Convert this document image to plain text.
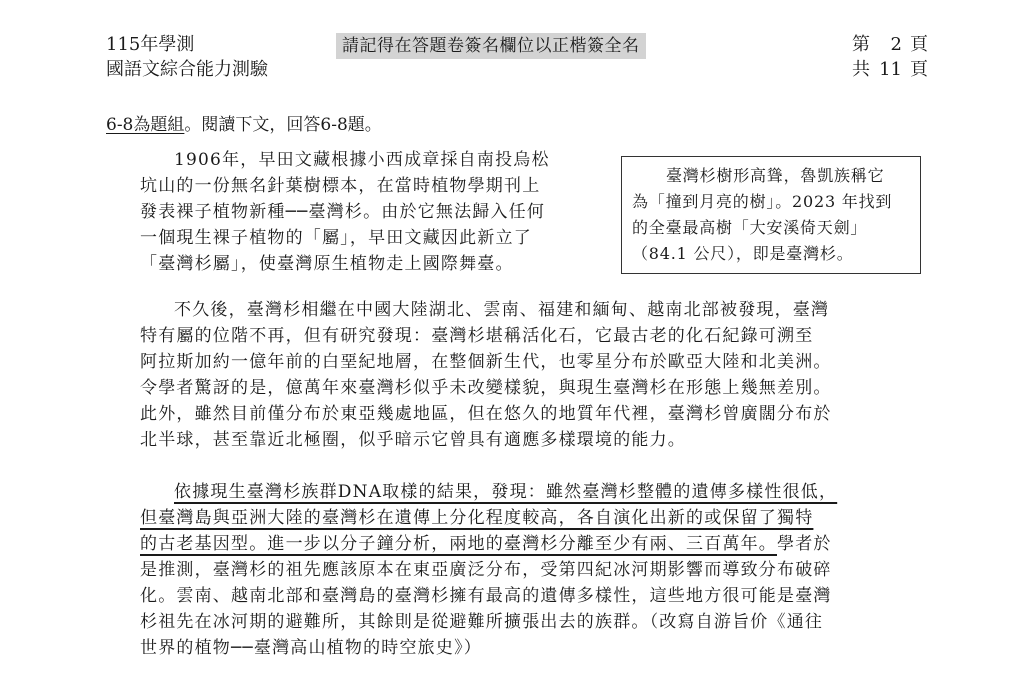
115年學測
國語文綜合能力測驗
請記得在答題卷簽名欄位以正楷簽全名	第 2 頁
共 11 頁
6-8為題組。閱讀下文，回答6-8題。
臺灣杉樹形高聳，魯凱族稱它
為「撞到月亮的樹」。2023 年找到
的全臺最高樹「大安溪倚天劍」
（84.1 公尺），即是臺灣杉。
1906年，早田文藏根據小西成章採自南投烏松
坑山的一份無名針葉樹標本，在當時植物學期刊上
發表裸子植物新種──臺灣杉。由於它無法歸入任何
一個現生裸子植物的「屬」，早田文藏因此新立了
「臺灣杉屬」，使臺灣原生植物走上國際舞臺。
不久後，臺灣杉相繼在中國大陸湖北、雲南、福建和緬甸、越南北部被發現，臺灣
特有屬的位階不再，但有研究發現：臺灣杉堪稱活化石，它最古老的化石紀錄可溯至
阿拉斯加約一億年前的白堊紀地層，在整個新生代，也零星分布於歐亞大陸和北美洲。
令學者驚訝的是，億萬年來臺灣杉似乎未改變樣貌，與現生臺灣杉在形態上幾無差別。
此外，雖然目前僅分布於東亞幾處地區，但在悠久的地質年代裡，臺灣杉曾廣闊分布於
北半球，甚至靠近北極圈，似乎暗示它曾具有適應多樣環境的能力。
依據現生臺灣杉族群DNA取樣的結果，發現：雖然臺灣杉整體的遺傳多樣性很低，
但臺灣島與亞洲大陸的臺灣杉在遺傳上分化程度較高，各自演化出新的或保留了獨特
的古老基因型。進一步以分子鐘分析，兩地的臺灣杉分離至少有兩、三百萬年。學者於
是推測，臺灣杉的祖先應該原本在東亞廣泛分布，受第四紀冰河期影響而導致分布破碎
化。雲南、越南北部和臺灣島的臺灣杉擁有最高的遺傳多樣性，這些地方很可能是臺灣
杉祖先在冰河期的避難所，其餘則是從避難所擴張出去的族群。（改寫自游旨价《通往
世界的植物──臺灣高山植物的時空旅史》）
